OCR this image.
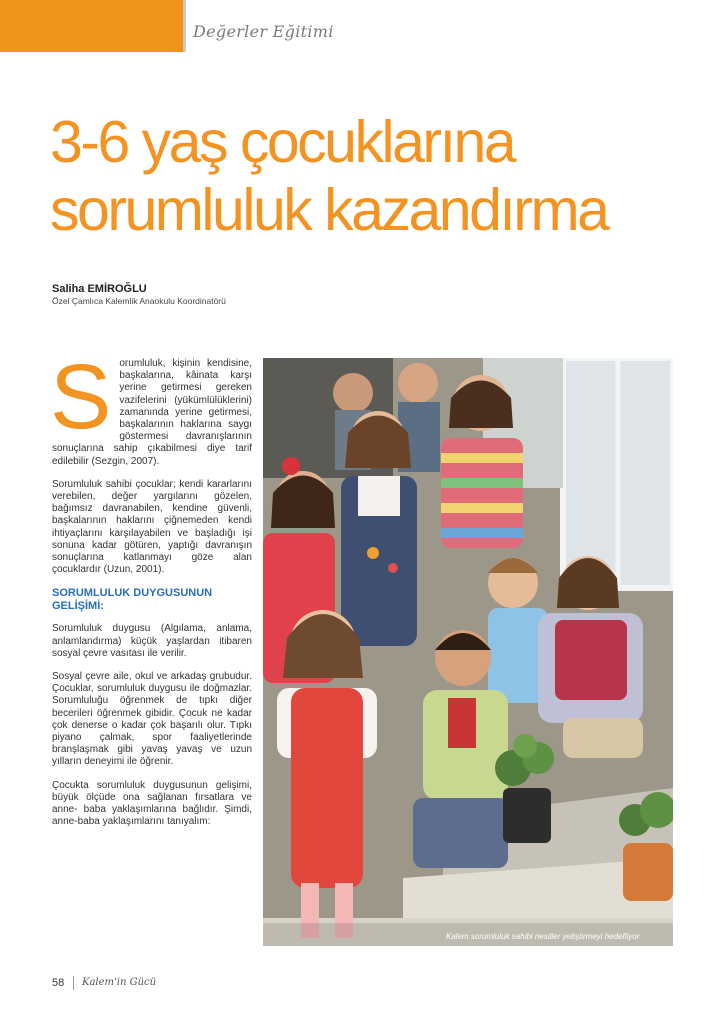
Değerler Eğitimi
3-6 yaş çocuklarına
sorumluluk kazandırma
Saliha EMİROĞLU
Özel Çamlıca Kalemlik Anaokulu Koordinatörü
S orumluluk, kişinin kendisine, başkalarına, kâinata karşı yerine getirmesi gereken vazifelerini (yükümlülüklerini) zamanında yerine getirmesi, başkalarının haklarına saygı göstermesi davranışlarının sonuçlarına sahip çıkabilmesi diye tarif edilebilir (Sezgin, 2007).

Sorumluluk sahibi çocuklar; kendi kararlarını verebilen, değer yargılarını gözelen, bağımsız davranabilen, kendine güvenli, başkalarının haklarını çiğnemeden kendi ihtiyaçlarını karşılayabilen ve başladığı işi sonuna kadar götüren, yaptığı davranışın sonuçlarına katlanmayı göze alan çocuklardır (Uzun, 2001).

SORUMLULUK DUYGUSUNUN GELİŞİMİ:

Sorumluluk duygusu (Algılama, anlama, anlamlandırma) küçük yaşlardan itibaren sosyal çevre vasıtası ile verilir.

Sosyal çevre aile, okul ve arkadaş grubudur. Çocuklar, sorumluluk duygusu ile doğmazlar. Sorumluluğu öğrenmek de tıpkı diğer becerileri öğrenmek gibidir. Çocuk ne kadar çok denerse o kadar çok başarılı olur. Tıpkı piyano çalmak, spor faaliyetlerinde branşlaşmak gibi yavaş yavaş ve uzun yılların deneyimi ile öğrenir.

Çocukta sorumluluk duygusunun gelişimi, büyük ölçüde ona sağlanan fırsatlara ve anne- baba yaklaşımlarına bağlıdır. Şimdi, anne-baba yaklaşımlarını tanıyalım:

Kalem sorumluluk sahibi nesiller yetiştirmeyi hedefliyor
58 Kalem'in Gücü
